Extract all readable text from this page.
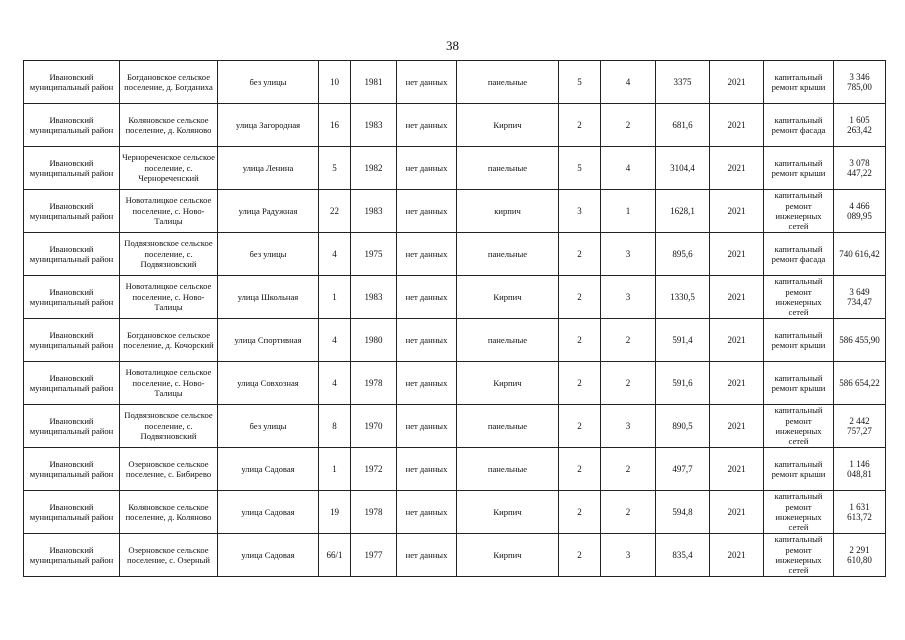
38
Ивановский муниципальный район	Богдановское сельское поселение, д. Богданиха	без улицы	10	1981	нет данных	панельные	5	4	3375	2021	капитальный ремонт крыши	3 346 785,00
Ивановский муниципальный район	Коляновское сельское поселение, д. Коляново	улица Загородная	16	1983	нет данных	Кирпич	2	2	681,6	2021	капитальный ремонт фасада	1 605 263,42
Ивановский муниципальный район	Чернореченское сельское поселение, с. Чернореченский	улица Ленина	5	1982	нет данных	панельные	5	4	3104,4	2021	капитальный ремонт крыши	3 078 447,22
Ивановский муниципальный район	Новоталицкое сельское поселение, с. Ново-Талицы	улица Радужная	22	1983	нет данных	кирпич	3	1	1628,1	2021	капитальный ремонт инженерных сетей	4 466 089,95
Ивановский муниципальный район	Подвязновское сельское поселение, с. Подвязновский	без улицы	4	1975	нет данных	панельные	2	3	895,6	2021	капитальный ремонт фасада	740 616,42
Ивановский муниципальный район	Новоталицкое сельское поселение, с. Ново-Талицы	улица Школьная	1	1983	нет данных	Кирпич	2	3	1330,5	2021	капитальный ремонт инженерных сетей	3 649 734,47
Ивановский муниципальный район	Богдановское сельское поселение, д. Кочорский	улица Спортивная	4	1980	нет данных	панельные	2	2	591,4	2021	капитальный ремонт крыши	586 455,90
Ивановский муниципальный район	Новоталицкое сельское поселение, с. Ново-Талицы	улица Совхозная	4	1978	нет данных	Кирпич	2	2	591,6	2021	капитальный ремонт крыши	586 654,22
Ивановский муниципальный район	Подвязновское сельское поселение, с. Подвязновский	без улицы	8	1970	нет данных	панельные	2	3	890,5	2021	капитальный ремонт инженерных сетей	2 442 757,27
Ивановский муниципальный район	Озерновское сельское поселение, с. Бибирево	улица Садовая	1	1972	нет данных	панельные	2	2	497,7	2021	капитальный ремонт крыши	1 146 048,81
Ивановский муниципальный район	Коляновское сельское поселение, д. Коляново	улица Садовая	19	1978	нет данных	Кирпич	2	2	594,8	2021	капитальный ремонт инженерных сетей	1 631 613,72
Ивановский муниципальный район	Озерновское сельское поселение, с. Озерный	улица Садовая	66/1	1977	нет данных	Кирпич	2	3	835,4	2021	капитальный ремонт инженерных сетей	2 291 610,80
